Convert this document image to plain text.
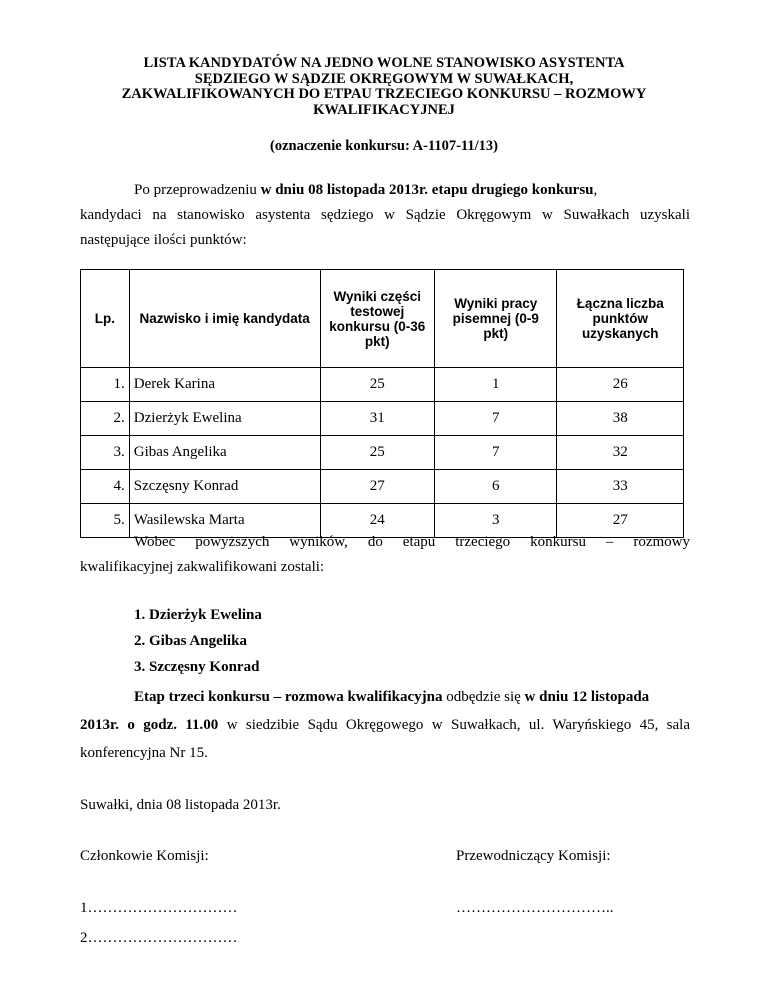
LISTA KANDYDATÓW NA JEDNO WOLNE STANOWISKO ASYSTENTA
SĘDZIEGO W SĄDZIE OKRĘGOWYM W SUWAŁKACH,
ZAKWALIFIKOWANYCH DO ETPAU TRZECIEGO KONKURSU – ROZMOWY
KWALIFIKACYJNEJ
(oznaczenie konkursu: A-1107-11/13)
Po przeprowadzeniu w dniu 08 listopada 2013r. etapu drugiego konkursu,
kandydaci na stanowisko asystenta sędziego w Sądzie Okręgowym w Suwałkach uzyskali
następujące ilości punktów:
Lp.	Nazwisko i imię kandydata	Wyniki części testowej konkursu (0-36 pkt)	Wyniki pracy pisemnej (0-9 pkt)	Łączna liczba punktów uzyskanych
1.	Derek Karina	25	1	26
2.	Dzierżyk Ewelina	31	7	38
3.	Gibas Angelika	25	7	32
4.	Szczęsny Konrad	27	6	33
5.	Wasilewska Marta	24	3	27
Wobec powyższych wyników, do etapu trzeciego konkursu – rozmowy
kwalifikacyjnej zakwalifikowani zostali:
1. Dzierżyk Ewelina
2. Gibas Angelika
3. Szczęsny Konrad
Etap trzeci konkursu – rozmowa kwalifikacyjna odbędzie się w dniu 12 listopada
2013r. o godz. 11.00 w siedzibie Sądu Okręgowego w Suwałkach, ul. Waryńskiego 45, sala
konferencyjna Nr 15.
Suwałki, dnia 08 listopada 2013r.
Członkowie Komisji:	Przewodniczący Komisji:
1…………………………	…………………………..
2…………………………
